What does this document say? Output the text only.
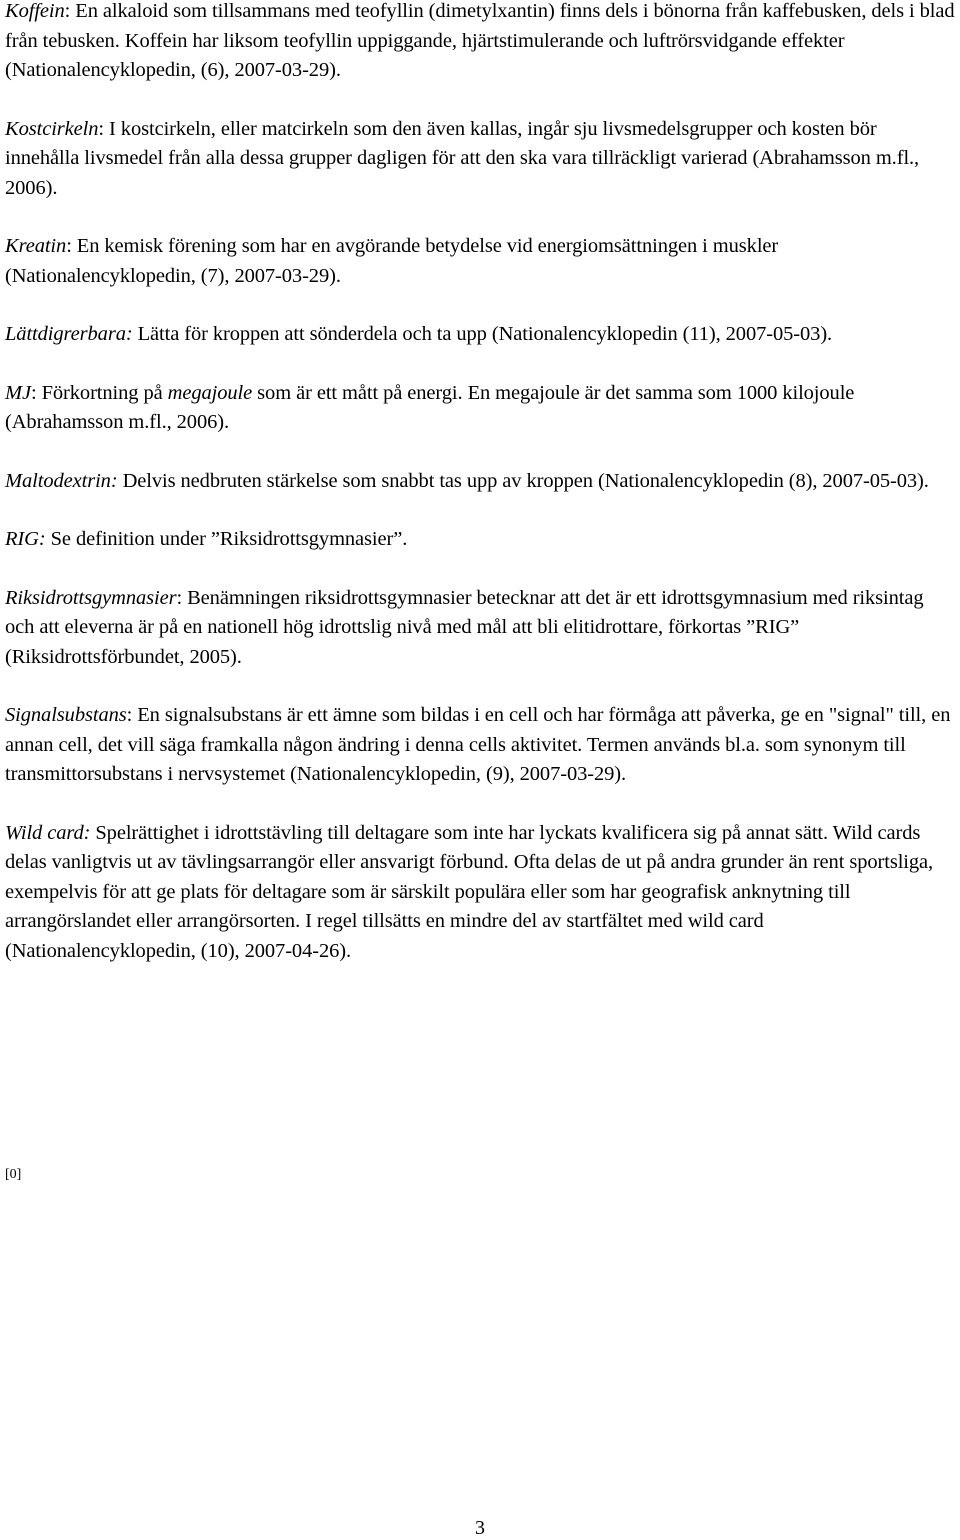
Koffein: En alkaloid som tillsammans med teofyllin (dimetylxantin) finns dels i bönorna från kaffebusken, dels i blad från tebusken. Koffein har liksom teofyllin uppiggande, hjärtstimulerande och luftrörsvidgande effekter (Nationalencyklopedin, (6), 2007-03-29).

Kostcirkeln: I kostcirkeln, eller matcirkeln som den även kallas, ingår sju livsmedelsgrupper och kosten bör innehålla livsmedel från alla dessa grupper dagligen för att den ska vara tillräckligt varierad (Abrahamsson m.fl., 2006).

Kreatin: En kemisk förening som har en avgörande betydelse vid energiomsättningen i muskler (Nationalencyklopedin, (7), 2007-03-29).

Lättdigrerbara: Lätta för kroppen att sönderdela och ta upp (Nationalencyklopedin (11), 2007-05-03).

MJ: Förkortning på megajoule som är ett mått på energi. En megajoule är det samma som 1000 kilojoule (Abrahamsson m.fl., 2006).

Maltodextrin: Delvis nedbruten stärkelse som snabbt tas upp av kroppen (Nationalencyklopedin (8), 2007-05-03).

RIG: Se definition under ”Riksidrottsgymnasier”.

Riksidrottsgymnasier: Benämningen riksidrottsgymnasier betecknar att det är ett idrottsgymnasium med riksintag och att eleverna är på en nationell hög idrottslig nivå med mål att bli elitidrottare, förkortas ”RIG” (Riksidrottsförbundet, 2005).

Signalsubstans: En signalsubstans är ett ämne som bildas i en cell och har förmåga att påverka, ge en "signal" till, en annan cell, det vill säga framkalla någon ändring i denna cells aktivitet. Termen används bl.a. som synonym till transmittorsubstans i nervsystemet (Nationalencyklopedin, (9), 2007-03-29).

Wild card: Spelrättighet i idrottstävling till deltagare som inte har lyckats kvalificera sig på annat sätt. Wild cards delas vanligtvis ut av tävlingsarrangör eller ansvarigt förbund. Ofta delas de ut på andra grunder än rent sportsliga, exempelvis för att ge plats för deltagare som är särskilt populära eller som har geografisk anknytning till arrangörslandet eller arrangörsorten. I regel tillsätts en mindre del av startfältet med wild card (Nationalencyklopedin, (10), 2007-04-26).

[0]
3
